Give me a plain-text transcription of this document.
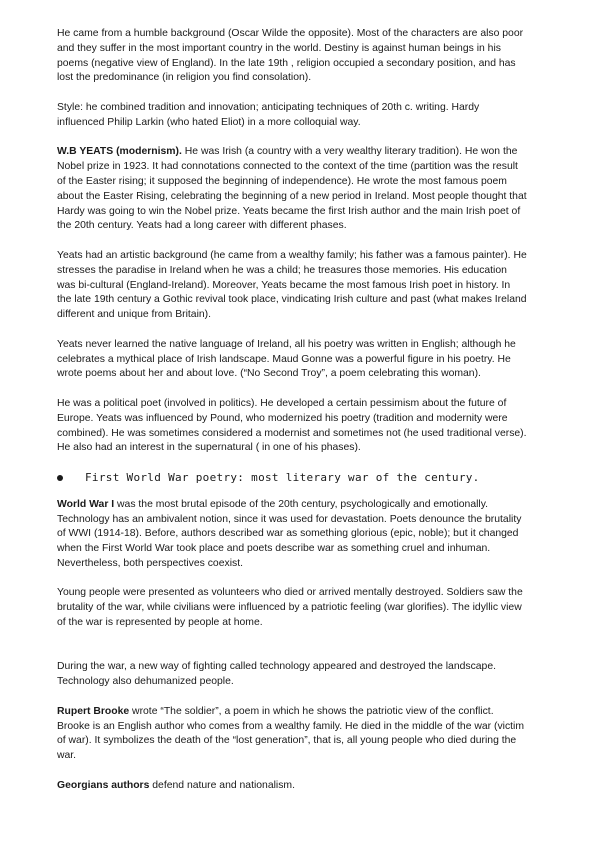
He came from a humble background (Oscar Wilde the opposite). Most of the characters are also poor and they suffer in the most important country in the world. Destiny is against human beings in his poems (negative view of England). In the late 19th , religion occupied a secondary position, and has lost the predominance (in religion you find consolation).

Style: he combined tradition and innovation; anticipating techniques of 20th c. writing. Hardy influenced Philip Larkin (who hated Eliot) in a more colloquial way.

W.B YEATS (modernism). He was Irish (a country with a very wealthy literary tradition). He won the Nobel prize in 1923. It had connotations connected to the context of the time (partition was the result of the Easter rising; it supposed the beginning of independence). He wrote the most famous poem about the Easter Rising, celebrating the beginning of a new period in Ireland. Most people thought that Hardy was going to win the Nobel prize. Yeats became the first Irish author and the main Irish poet of the 20th century. Yeats had a long career with different phases.

Yeats had an artistic background (he came from a wealthy family; his father was a famous painter). He stresses the paradise in Ireland when he was a child; he treasures those memories. His education was bi-cultural (England-Ireland). Moreover, Yeats became the most famous Irish poet in history. In the late 19th century a Gothic revival took place, vindicating Irish culture and past (what makes Ireland different and unique from Britain).

Yeats never learned the native language of Ireland, all his poetry was written in English; although he celebrates a mythical place of Irish landscape. Maud Gonne was a powerful figure in his poetry. He wrote poems about her and about love. (“No Second Troy”, a poem celebrating this woman).

He was a political poet (involved in politics). He developed a certain pessimism about the future of Europe. Yeats was influenced by Pound, who modernized his poetry (tradition and modernity were combined). He was sometimes considered a modernist and sometimes not (he used traditional verse). He also had an interest in the supernatural ( in one of his phases).

First World War poetry: most literary war of the century.

World War I was the most brutal episode of the 20th century, psychologically and emotionally. Technology has an ambivalent notion, since it was used for devastation. Poets denounce the brutality of WWI (1914-18). Before, authors described war as something glorious (epic, noble); but it changed when the First World War took place and poets describe war as something cruel and inhuman. Nevertheless, both perspectives coexist.

Young people were presented as volunteers who died or arrived mentally destroyed. Soldiers saw the brutality of the war, while civilians were influenced by a patriotic feeling (war glorifies). The idyllic view of the war is represented by people at home.

During the war, a new way of fighting called technology appeared and destroyed the landscape. Technology also dehumanized people.

Rupert Brooke wrote “The soldier”, a poem in which he shows the patriotic view of the conflict. Brooke is an English author who comes from a wealthy family. He died in the middle of the war (victim of war). It symbolizes the death of the “lost generation”, that is, all young people who died during the war.

Georgians authors defend nature and nationalism.
